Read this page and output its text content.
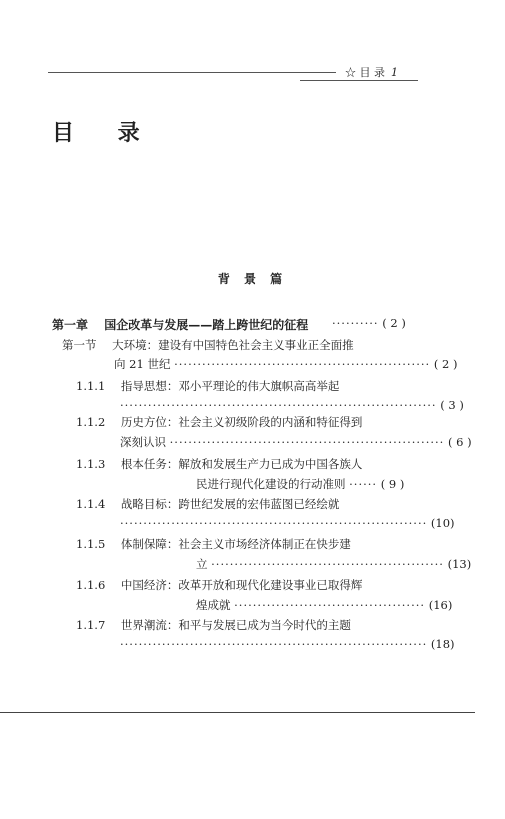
☆ 目 录 1
目 录
背 景 篇
第一章 国企改革与发展——踏上跨世纪的征程 ·········· ( 2 )
第一节 大环境：建设有中国特色社会主义事业正全面推
向 21 世纪 ······················································· ( 2 )
1.1.1 指导思想：邓小平理论的伟大旗帜高高举起
···································································· ( 3 )
1.1.2 历史方位：社会主义初级阶段的内涵和特征得到
深刻认识 ··························································· ( 6 )
1.1.3 根本任务：解放和发展生产力已成为中国各族人
民进行现代化建设的行动准则 ······ ( 9 )
1.1.4 战略目标：跨世纪发展的宏伟蓝图已经绘就
·································································· (10)
1.1.5 体制保障：社会主义市场经济体制正在快步建
立 ·················································· (13)
1.1.6 中国经济：改革开放和现代化建设事业已取得辉
煌成就 ········································· (16)
1.1.7 世界潮流：和平与发展已成为当今时代的主题
·································································· (18)
